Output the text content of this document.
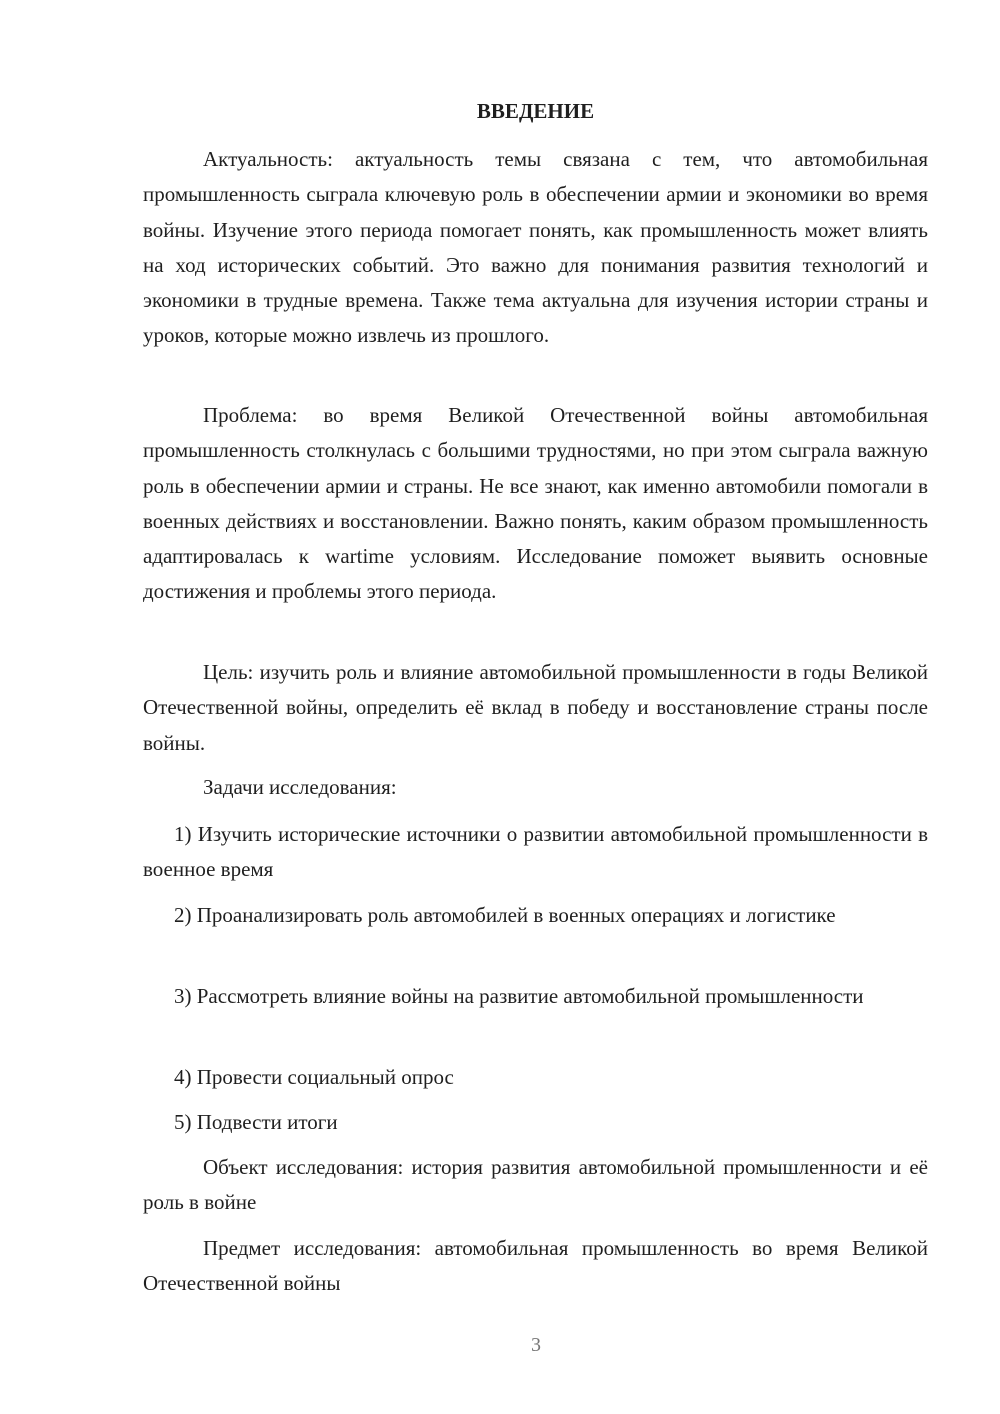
ВВЕДЕНИЕ

Актуальность: актуальность темы связана с тем, что автомобильная промышленность сыграла ключевую роль в обеспечении армии и экономики во время войны. Изучение этого периода помогает понять, как промышленность может влиять на ход исторических событий. Это важно для понимания развития технологий и экономики в трудные времена. Также тема актуальна для изучения истории страны и уроков, которые можно извлечь из прошлого.

Проблема: во время Великой Отечественной войны автомобильная промышленность столкнулась с большими трудностями, но при этом сыграла важную роль в обеспечении армии и страны. Не все знают, как именно автомобили помогали в военных действиях и восстановлении. Важно понять, каким образом промышленность адаптировалась к wartime условиям. Исследование поможет выявить основные достижения и проблемы этого периода.

Цель: изучить роль и влияние автомобильной промышленности в годы Великой Отечественной войны, определить её вклад в победу и восстановление страны после войны.

Задачи исследования:

1) Изучить исторические источники о развитии автомобильной промышленности в военное время

2) Проанализировать роль автомобилей в военных операциях и логистике

3) Рассмотреть влияние войны на развитие автомобильной промышленности

4) Провести социальный опрос

5) Подвести итоги

Объект исследования: история развития автомобильной промышленности и её роль в войне

Предмет исследования: автомобильная промышленность во время Великой Отечественной войны

3
